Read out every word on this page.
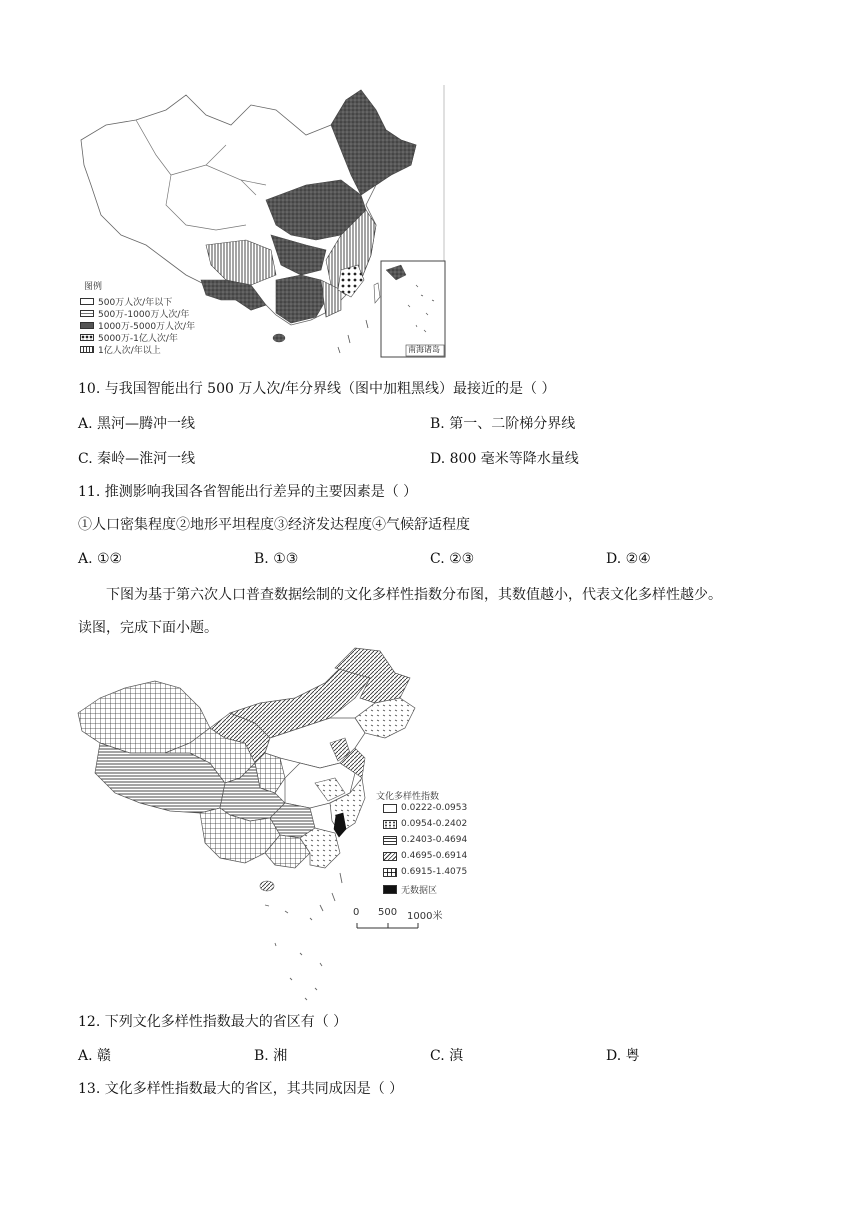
南海诸岛
图例
500万人次/年以下
500万-1000万人次/年
1000万-5000万人次/年
5000万-1亿人次/年
1亿人次/年以上
10. 与我国智能出行 500 万人次/年分界线（图中加粗黑线）最接近的是（ ）
A. 黑河—腾冲一线	B. 第一、二阶梯分界线
C. 秦岭—淮河一线	D. 800 毫米等降水量线
11. 推测影响我国各省智能出行差异的主要因素是（ ）
①人口密集程度②地形平坦程度③经济发达程度④气候舒适程度
A. ①②	B. ①③	C. ②③	D. ②④
下图为基于第六次人口普查数据绘制的文化多样性指数分布图，其数值越小，代表文化多样性越少。
读图，完成下面小题。
0 500 1000米
文化多样性指数
0.0222-0.0953
0.0954-0.2402
0.2403-0.4694
0.4695-0.6914
0.6915-1.4075
无数据区
12. 下列文化多样性指数最大的省区有（ ）
A. 赣	B. 湘	C. 滇	D. 粤
13. 文化多样性指数最大的省区，其共同成因是（ ）
